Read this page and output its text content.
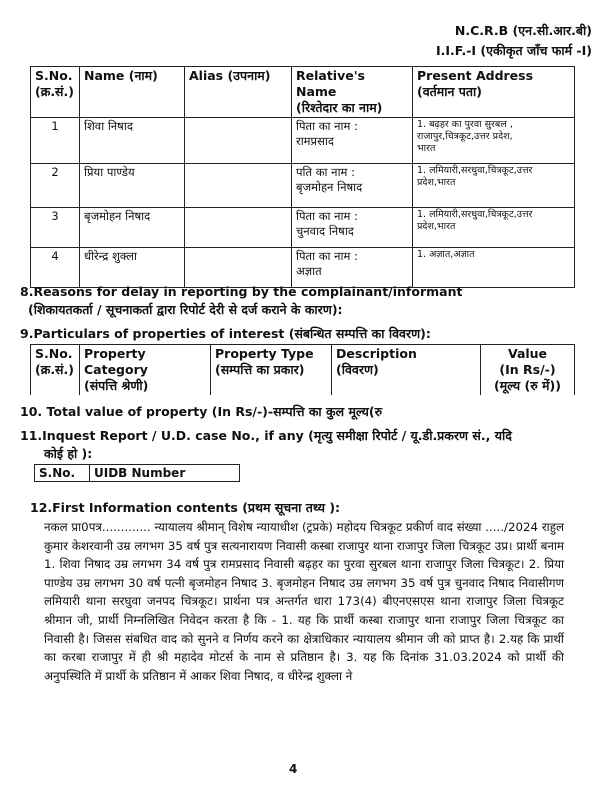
N.C.R.B (एन.सी.आर.बी)
I.I.F.-I (एकीकृत जाँच फार्म -I)
S.No.
(क्र.सं.)	Name (नाम)	Alias (उपनाम)	Relative's Name
(रिश्तेदार का नाम)	Present Address
(वर्तमान पता)
1	शिवा निषाद		पिता का नाम :
रामप्रसाद	1. बढ़हर का पुरवा सुरबल ,
राजापुर,चित्रकूट,उत्तर प्रदेश,
भारत
2	प्रिया पाण्डेय		पति का नाम :
बृजमोहन निषाद	1. लमियारी,सरधुवा,चित्रकूट,उत्तर
प्रदेश,भारत
3	बृजमोहन निषाद		पिता का नाम :
चुनवाद निषाद	1. लमियारी,सरधुवा,चित्रकूट,उत्तर
प्रदेश,भारत
4	धीरेन्द्र शुक्ला		पिता का नाम :
अज्ञात	1. अज्ञात,अज्ञात
8.Reasons for delay in reporting by the complainant/informant
(शिकायतकर्ता / सूचनाकर्ता द्वारा रिपोर्ट देरी से दर्ज कराने के कारण):
9.Particulars of properties of interest (संबन्धित सम्पत्ति का विवरण):
S.No.
(क्र.सं.)	Property
Category
(संपत्ति श्रेणी)	Property Type
(सम्पत्ति का प्रकार)	Description
(विवरण)	Value
(In Rs/-)
(मूल्य (रु में))
10. Total value of property (In Rs/-)-सम्पत्ति का कुल मूल्य(रु
11.Inquest Report / U.D. case No., if any (मृत्यु समीक्षा रिपोर्ट / यू.डी.प्रकरण सं., यदि
कोई हो ):
S.No.	UIDB Number
12.First Information contents (प्रथम सूचना तथ्य ):
नकल प्रा0पत्र............. न्यायालय श्रीमान् विशेष न्यायाधीश (ट्रप्रके) महोदय चित्रकूट प्रकीर्ण वाद संख्या ...../2024 राहुल कुमार केशरवानी उम्र लगभग 35 वर्ष पुत्र सत्यनारायण निवासी कस्बा राजापुर थाना राजापुर जिला चित्रकूट उप्र। प्रार्थी बनाम 1. शिवा निषाद उम्र लगभग 34 वर्ष पुत्र रामप्रसाद निवासी बढ़हर का पुरवा सुरबल थाना राजापुर जिला चित्रकूट। 2. प्रिया पाण्डेय उम्र लगभग 30 वर्ष पत्नी बृजमोहन निषाद 3. बृजमोहन निषाद उम्र लगभग 35 वर्ष पुत्र चुनवाद निषाद निवासीगण लमियारी थाना सरघुवा जनपद चित्रकूट। प्रार्थना पत्र अन्तर्गत धारा 173(4) बीएनएसएस थाना राजापुर जिला चित्रकूट श्रीमान जी, प्रार्थी निम्नलिखित निवेदन करता है कि - 1. यह कि प्रार्थी कस्बा राजापुर थाना राजापुर जिला चित्रकूट का निवासी है। जिसस संबधित वाद को सुनने व निर्णय करने का क्षेत्राधिकार न्यायालय श्रीमान जी को प्राप्त है। 2.यह कि प्रार्थी का करबा राजापुर में ही श्री महादेव मोटर्स के नाम से प्रतिष्ठान है। 3. यह कि दिनांक 31.03.2024 को प्रार्थी की अनुपस्थिति में प्रार्थी के प्रतिष्ठान में आकर शिवा निषाद, व धीरेन्द्र शुक्ला ने
4
